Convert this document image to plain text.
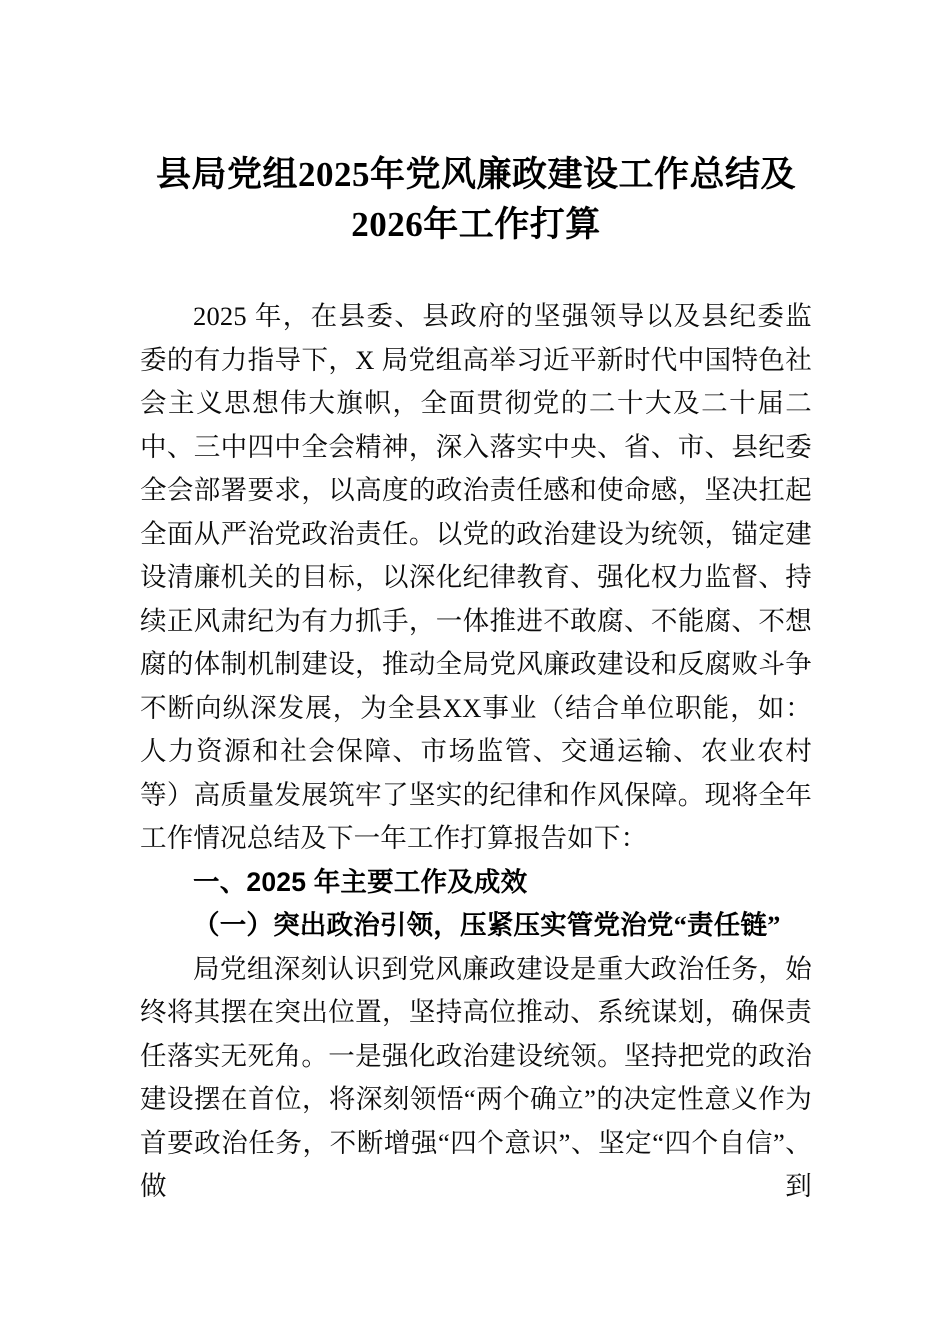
县局党组2025年党风廉政建设工作总结及
2026年工作打算

2025 年，在县委、县政府的坚强领导以及县纪委监委的有力指导下，X 局党组高举习近平新时代中国特色社会主义思想伟大旗帜，全面贯彻党的二十大及二十届二中、三中四中全会精神，深入落实中央、省、市、县纪委全会部署要求，以高度的政治责任感和使命感，坚决扛起全面从严治党政治责任。以党的政治建设为统领，锚定建设清廉机关的目标，以深化纪律教育、强化权力监督、持续正风肃纪为有力抓手，一体推进不敢腐、不能腐、不想腐的体制机制建设，推动全局党风廉政建设和反腐败斗争不断向纵深发展，为全县XX事业（结合单位职能，如：人力资源和社会保障、市场监管、交通运输、农业农村等）高质量发展筑牢了坚实的纪律和作风保障。现将全年工作情况总结及下一年工作打算报告如下：

一、2025 年主要工作及成效

（一）突出政治引领，压紧压实管党治党“责任链”

局党组深刻认识到党风廉政建设是重大政治任务，始终将其摆在突出位置，坚持高位推动、系统谋划，确保责任落实无死角。一是强化政治建设统领。坚持把党的政治建设摆在首位，将深刻领悟“两个确立”的决定性意义作为首要政治任务，不断增强“四个意识”、坚定“四个自信”、做到
